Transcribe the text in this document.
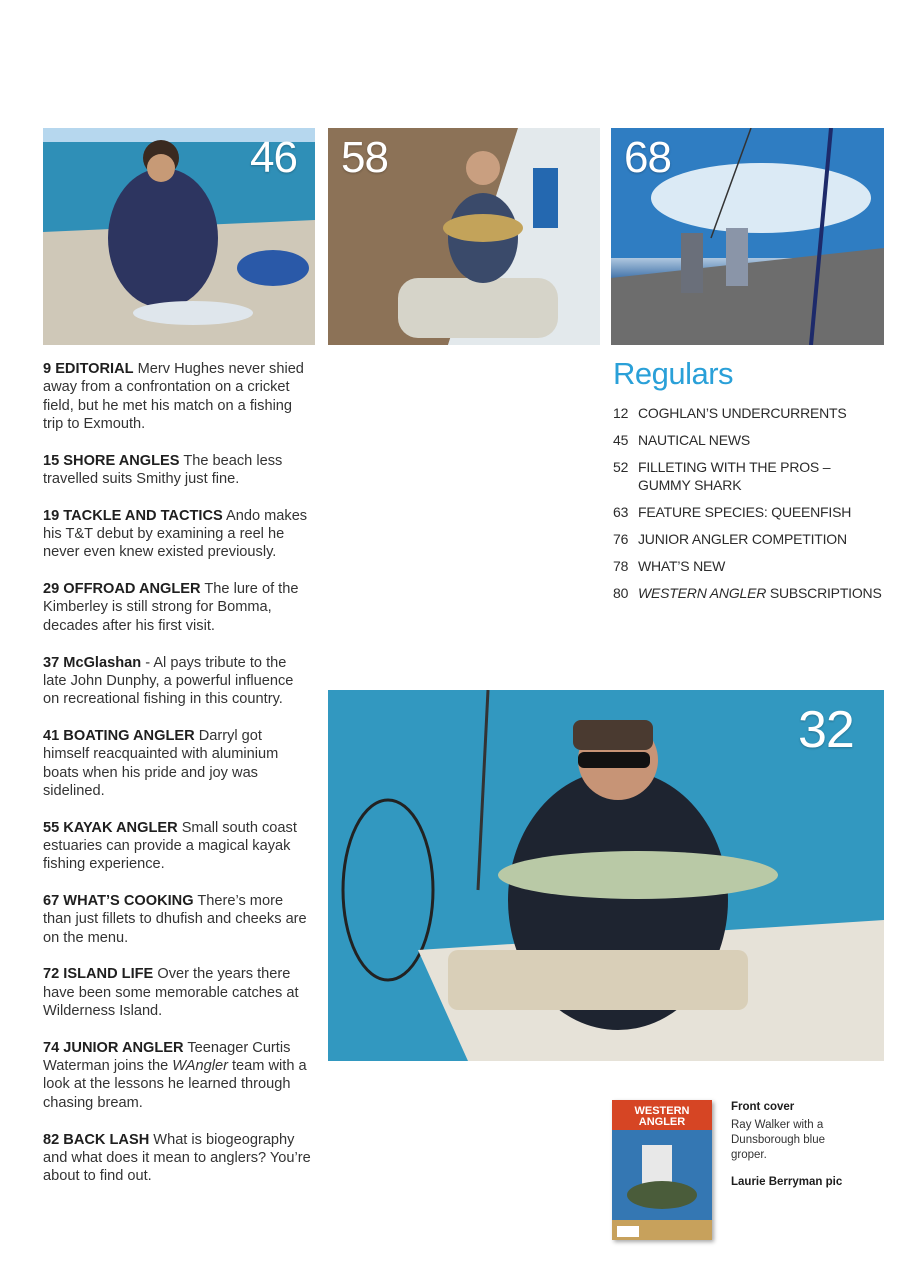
46 58	68

9 EDITORIAL Merv Hughes never shied away from a confrontation on a cricket field, but he met his match on a fishing trip to Exmouth.

15 SHORE ANGLES The beach less travelled suits Smithy just fine.

19 TACKLE AND TACTICS Ando makes his T&T debut by examining a reel he never even knew existed previously.

29 OFFROAD ANGLER The lure of the Kimberley is still strong for Bomma, decades after his first visit.

37 McGlashan - Al pays tribute to the late John Dunphy, a powerful influence on recreational fishing in this country.

41 BOATING ANGLER Darryl got himself reacquainted with aluminium boats when his pride and joy was sidelined.

55 KAYAK ANGLER Small south coast estuaries can provide a magical kayak fishing experience.

67 WHAT’S COOKING There’s more than just fillets to dhufish and cheeks are on the menu.

72 ISLAND LIFE Over the years there have been some memorable catches at Wilderness Island.

74 JUNIOR ANGLER Teenager Curtis Waterman joins the WAngler team with a look at the lessons he learned through chasing bream.

82 BACK LASH What is biogeography and what does it mean to anglers? You’re about to find out.

Regulars
12 COGHLAN’S UNDERCURRENTS
45 NAUTICAL NEWS
52 FILLETING WITH THE PROS – GUMMY SHARK
63 FEATURE SPECIES: QUEENFISH
76 JUNIOR ANGLER COMPETITION
78 WHAT’S NEW
80 WESTERN ANGLER SUBSCRIPTIONS
32
WESTERN ANGLER

Front cover

Ray Walker with a Dunsborough blue groper.

Laurie Berryman pic
